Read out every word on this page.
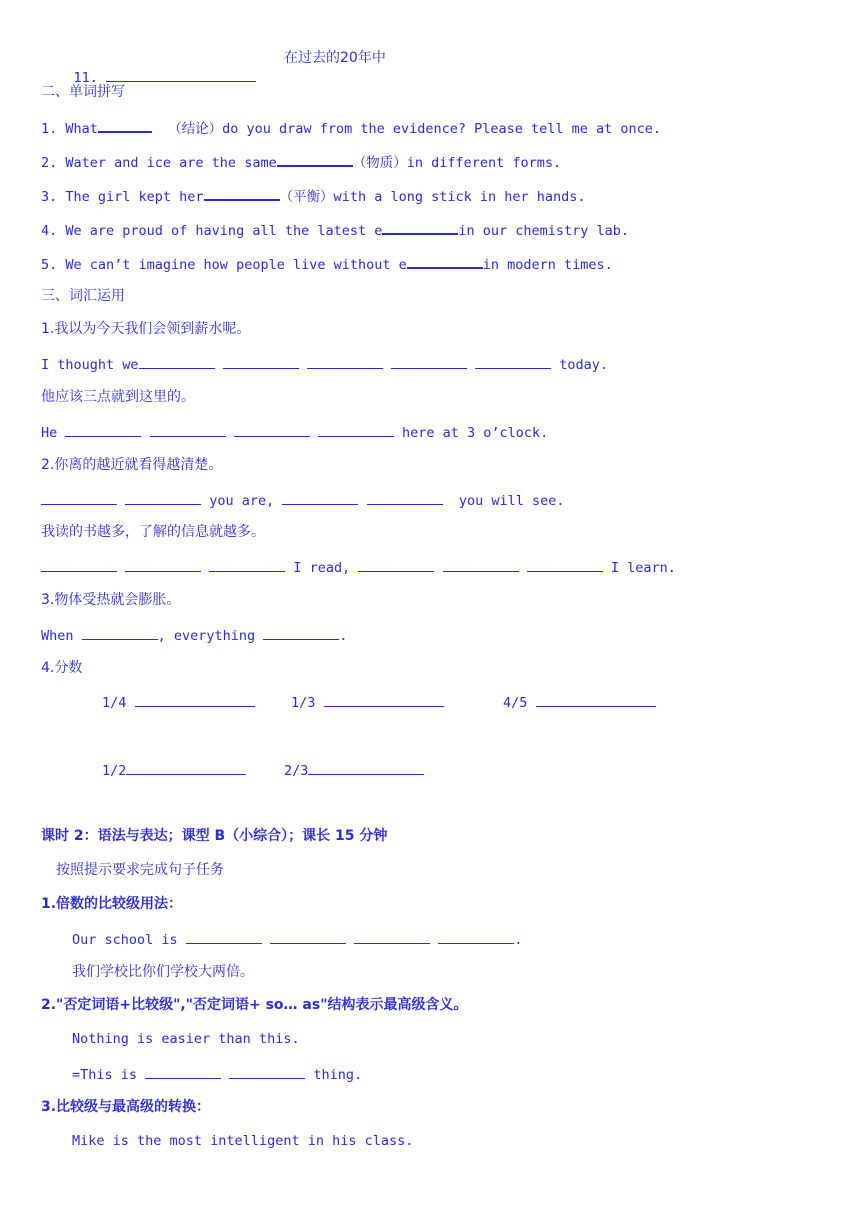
11.

在过去的20年中
二、单词拼写
1. What	（结论）do you draw from the evidence? Please tell me at once.
2. Water and ice are the same	（物质）in different forms.
3. The girl kept her	（平衡）with a long stick in her hands.
4. We are proud of having all the latest e	in our chemistry lab.
5. We can’t imagine how people live without e	in modern times.
三、词汇运用
1.我以为今天我们会领到薪水呢。
I thought we	today.
他应该三点就到这里的。
He	here at 3 o’clock.
2.你离的越近就看得越清楚。
you are,	you will see.
我读的书越多，了解的信息就越多。
I read,	I learn.
3.物体受热就会膨胀。
When	, everything	.
4.分数
1/4	1/3	4/5
1/2	2/3
课时 2：语法与表达；课型 B（小综合）；课长 15 分钟
按照提示要求完成句子任务
1.倍数的比较级用法：
Our school is	.
我们学校比你们学校大两倍。
2."否定词语+比较级","否定词语+ so… as"结构表示最高级含义。
Nothing is easier than this.
=This is	thing.
3.比较级与最高级的转换：
Mike is the most intelligent in his class.
